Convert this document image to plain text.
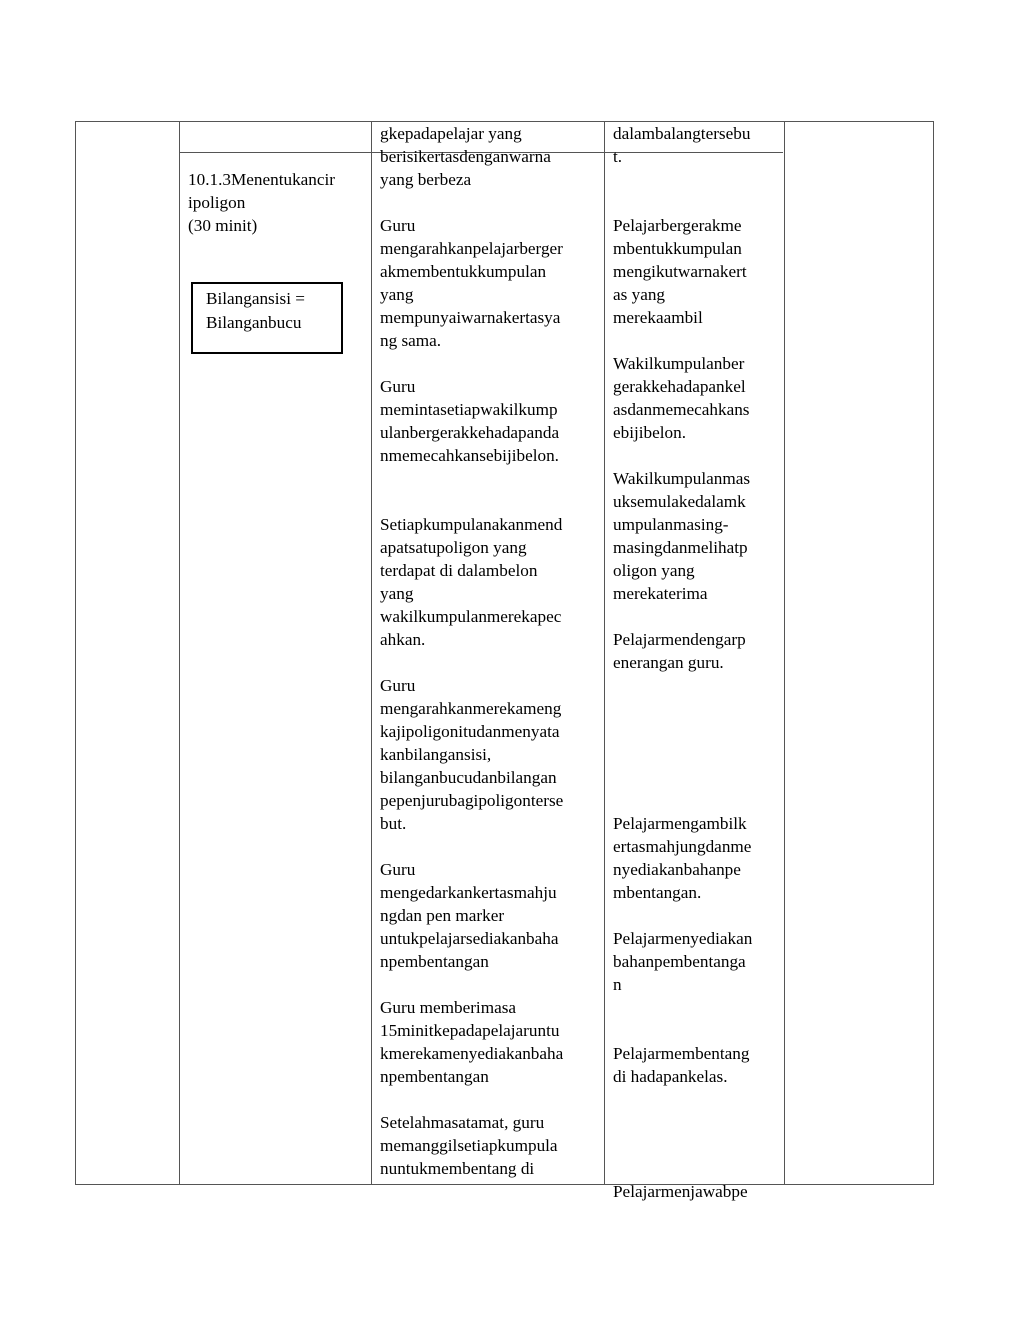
10.1.3Menentukancir
ipoligon
(30 minit)

Bilangansisi =
Bilanganbucu

gkepadapelajar yang
berisikertasdenganwarna
yang berbeza

Guru
mengarahkanpelajarberger
akmembentukkumpulan
yang
mempunyaiwarnakertasya
ng sama.

Guru
memintasetiapwakilkump
ulanbergerakkehadapanda
nmemecahkansebijibelon.

Setiapkumpulanakanmend
apatsatupoligon yang
terdapat di dalambelon
yang
wakilkumpulanmerekapec
ahkan.

Guru
mengarahkanmerekameng
kajipoligonitudanmenyata
kanbilangansisi,
bilanganbucudanbilangan
pepenjurubagipoligonterse
but.

Guru
mengedarkankertasmahju
ngdan pen marker
untukpelajarsediakanbaha
npembentangan

Guru memberimasa
15minitkepadapelajaruntu
kmerekamenyediakanbaha
npembentangan

Setelahmasatamat, guru
memanggilsetiapkumpula
nuntukmembentang di

dalambalangtersebu
t.

Pelajarbergerakme
mbentukkumpulan
mengikutwarnakert
as yang
merekaambil

Wakilkumpulanber
gerakkehadapankel
asdanmemecahkans
ebijibelon.

Wakilkumpulanmas
uksemulakedalamk
umpulanmasing-
masingdanmelihatp
oligon yang
merekaterima

Pelajarmendengarp
enerangan guru.

Pelajarmengambilk
ertasmahjungdanme
nyediakanbahanpe
mbentangan.

Pelajarmenyediakan
bahanpembentanga
n

Pelajarmembentang
di hadapankelas.

Pelajarmenjawabpe
